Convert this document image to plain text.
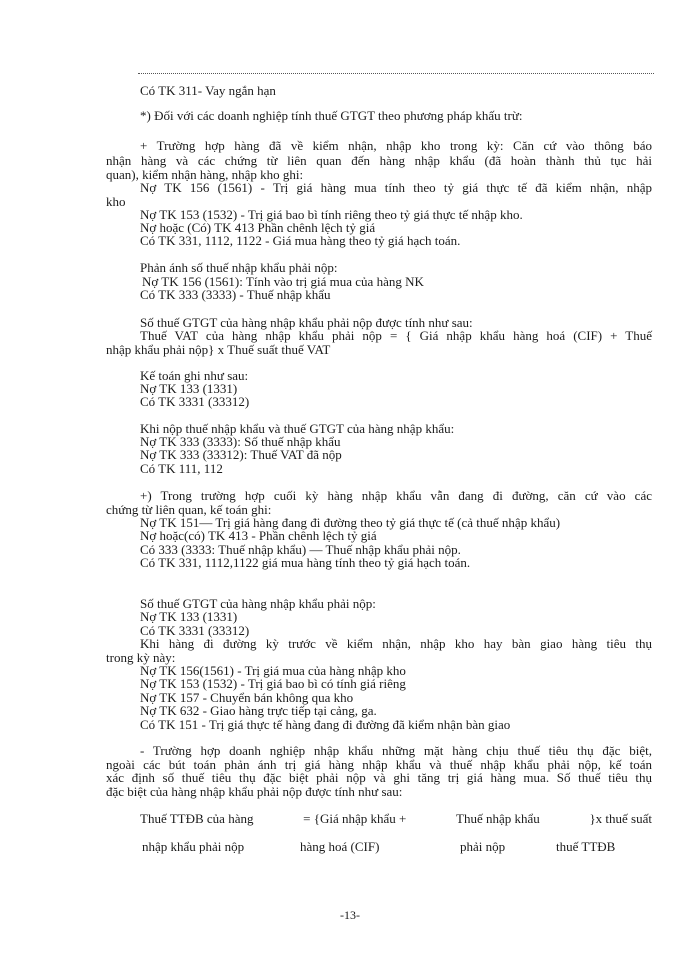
Có TK 311- Vay ngắn hạn
*) Đối với các doanh nghiệp tính thuế GTGT theo phương pháp khấu trừ:
+ Trường hợp hàng đã về kiểm nhận, nhập kho trong kỳ: Căn cứ vào thông báo
nhận hàng và các chứng từ liên quan đến hàng nhập khẩu (đã hoàn thành thủ tục hải
quan), kiểm nhận hàng, nhập kho ghi:
Nợ TK 156 (1561) - Trị giá hàng mua tính theo tỷ giá thực tế đã kiểm nhận, nhập
kho
Nợ TK 153 (1532) - Trị giá bao bì tính riêng theo tỷ giá thực tế nhập kho.
Nợ hoặc (Có) TK 413 Phần chênh lệch tỷ giá
Có TK 331, 1112, 1122 - Giá mua hàng theo tỷ giá hạch toán.
Phản ánh số thuế nhập khẩu phải nộp:
Nợ TK 156 (1561): Tính vào trị giá mua của hàng NK
Có TK 333 (3333) - Thuế nhập khẩu
Số thuế GTGT của hàng nhập khẩu phải nộp được tính như sau:
Thuế VAT của hàng nhập khẩu phải nộp = { Giá nhập khẩu hàng hoá (CIF) + Thuế
nhập khẩu phải nộp} x Thuế suất thuế VAT
Kế toán ghi như sau:
Nợ TK 133 (1331)
Có TK 3331 (33312)
Khi nộp thuế nhập khẩu và thuế GTGT của hàng nhập khẩu:
Nợ TK 333 (3333): Số thuế nhập khẩu
Nợ TK 333 (33312): Thuế VAT đã nộp
Có TK 111, 112
+) Trong trường hợp cuối kỳ hàng nhập khẩu vẫn đang đi đường, căn cứ vào các
chứng từ liên quan, kế toán ghi:
Nợ TK 151— Trị giá hàng đang đi đường theo tỷ giá thực tế (cả thuế nhập khẩu)
Nợ hoặc(có) TK 413 - Phần chênh lệch tỷ giá
Có 333 (3333: Thuế nhập khẩu) — Thuế nhập khẩu phải nộp.
Có TK 331, 1112,1122 giá mua hàng tính theo tỷ giá hạch toán.
Số thuế GTGT của hàng nhập khẩu phải nộp:
Nợ TK 133 (1331)
Có TK 3331 (33312)
Khi hàng đi đường kỳ trước về kiểm nhận, nhập kho hay bàn giao hàng tiêu thụ
trong kỳ này:
Nợ TK 156(1561) - Trị giá mua của hàng nhập kho
Nợ TK 153 (1532) - Trị giá bao bì có tính giá riêng
Nợ TK 157 - Chuyển bán không qua kho
Nợ TK 632 - Giao hàng trực tiếp tại cảng, ga.
Có TK 151 - Trị giá thực tế hàng đang đi đường đã kiểm nhận bàn giao
- Trường hợp doanh nghiệp nhập khẩu những mặt hàng chịu thuế tiêu thụ đặc biệt,
ngoài các bút toán phản ánh trị giá hàng nhập khẩu và thuế nhập khẩu phải nộp, kế toán
xác định số thuế tiêu thụ đặc biệt phải nộp và ghi tăng trị giá hàng mua. Số thuế tiêu thụ
đặc biệt của hàng nhập khẩu phải nộp được tính như sau:
Thuế TTĐB của hàng	= {Giá nhập khẩu +	Thuế nhập khẩu	}x thuế suất
nhập khẩu phải nộp	hàng hoá (CIF)	phải nộp	thuế TTĐB
-13-
